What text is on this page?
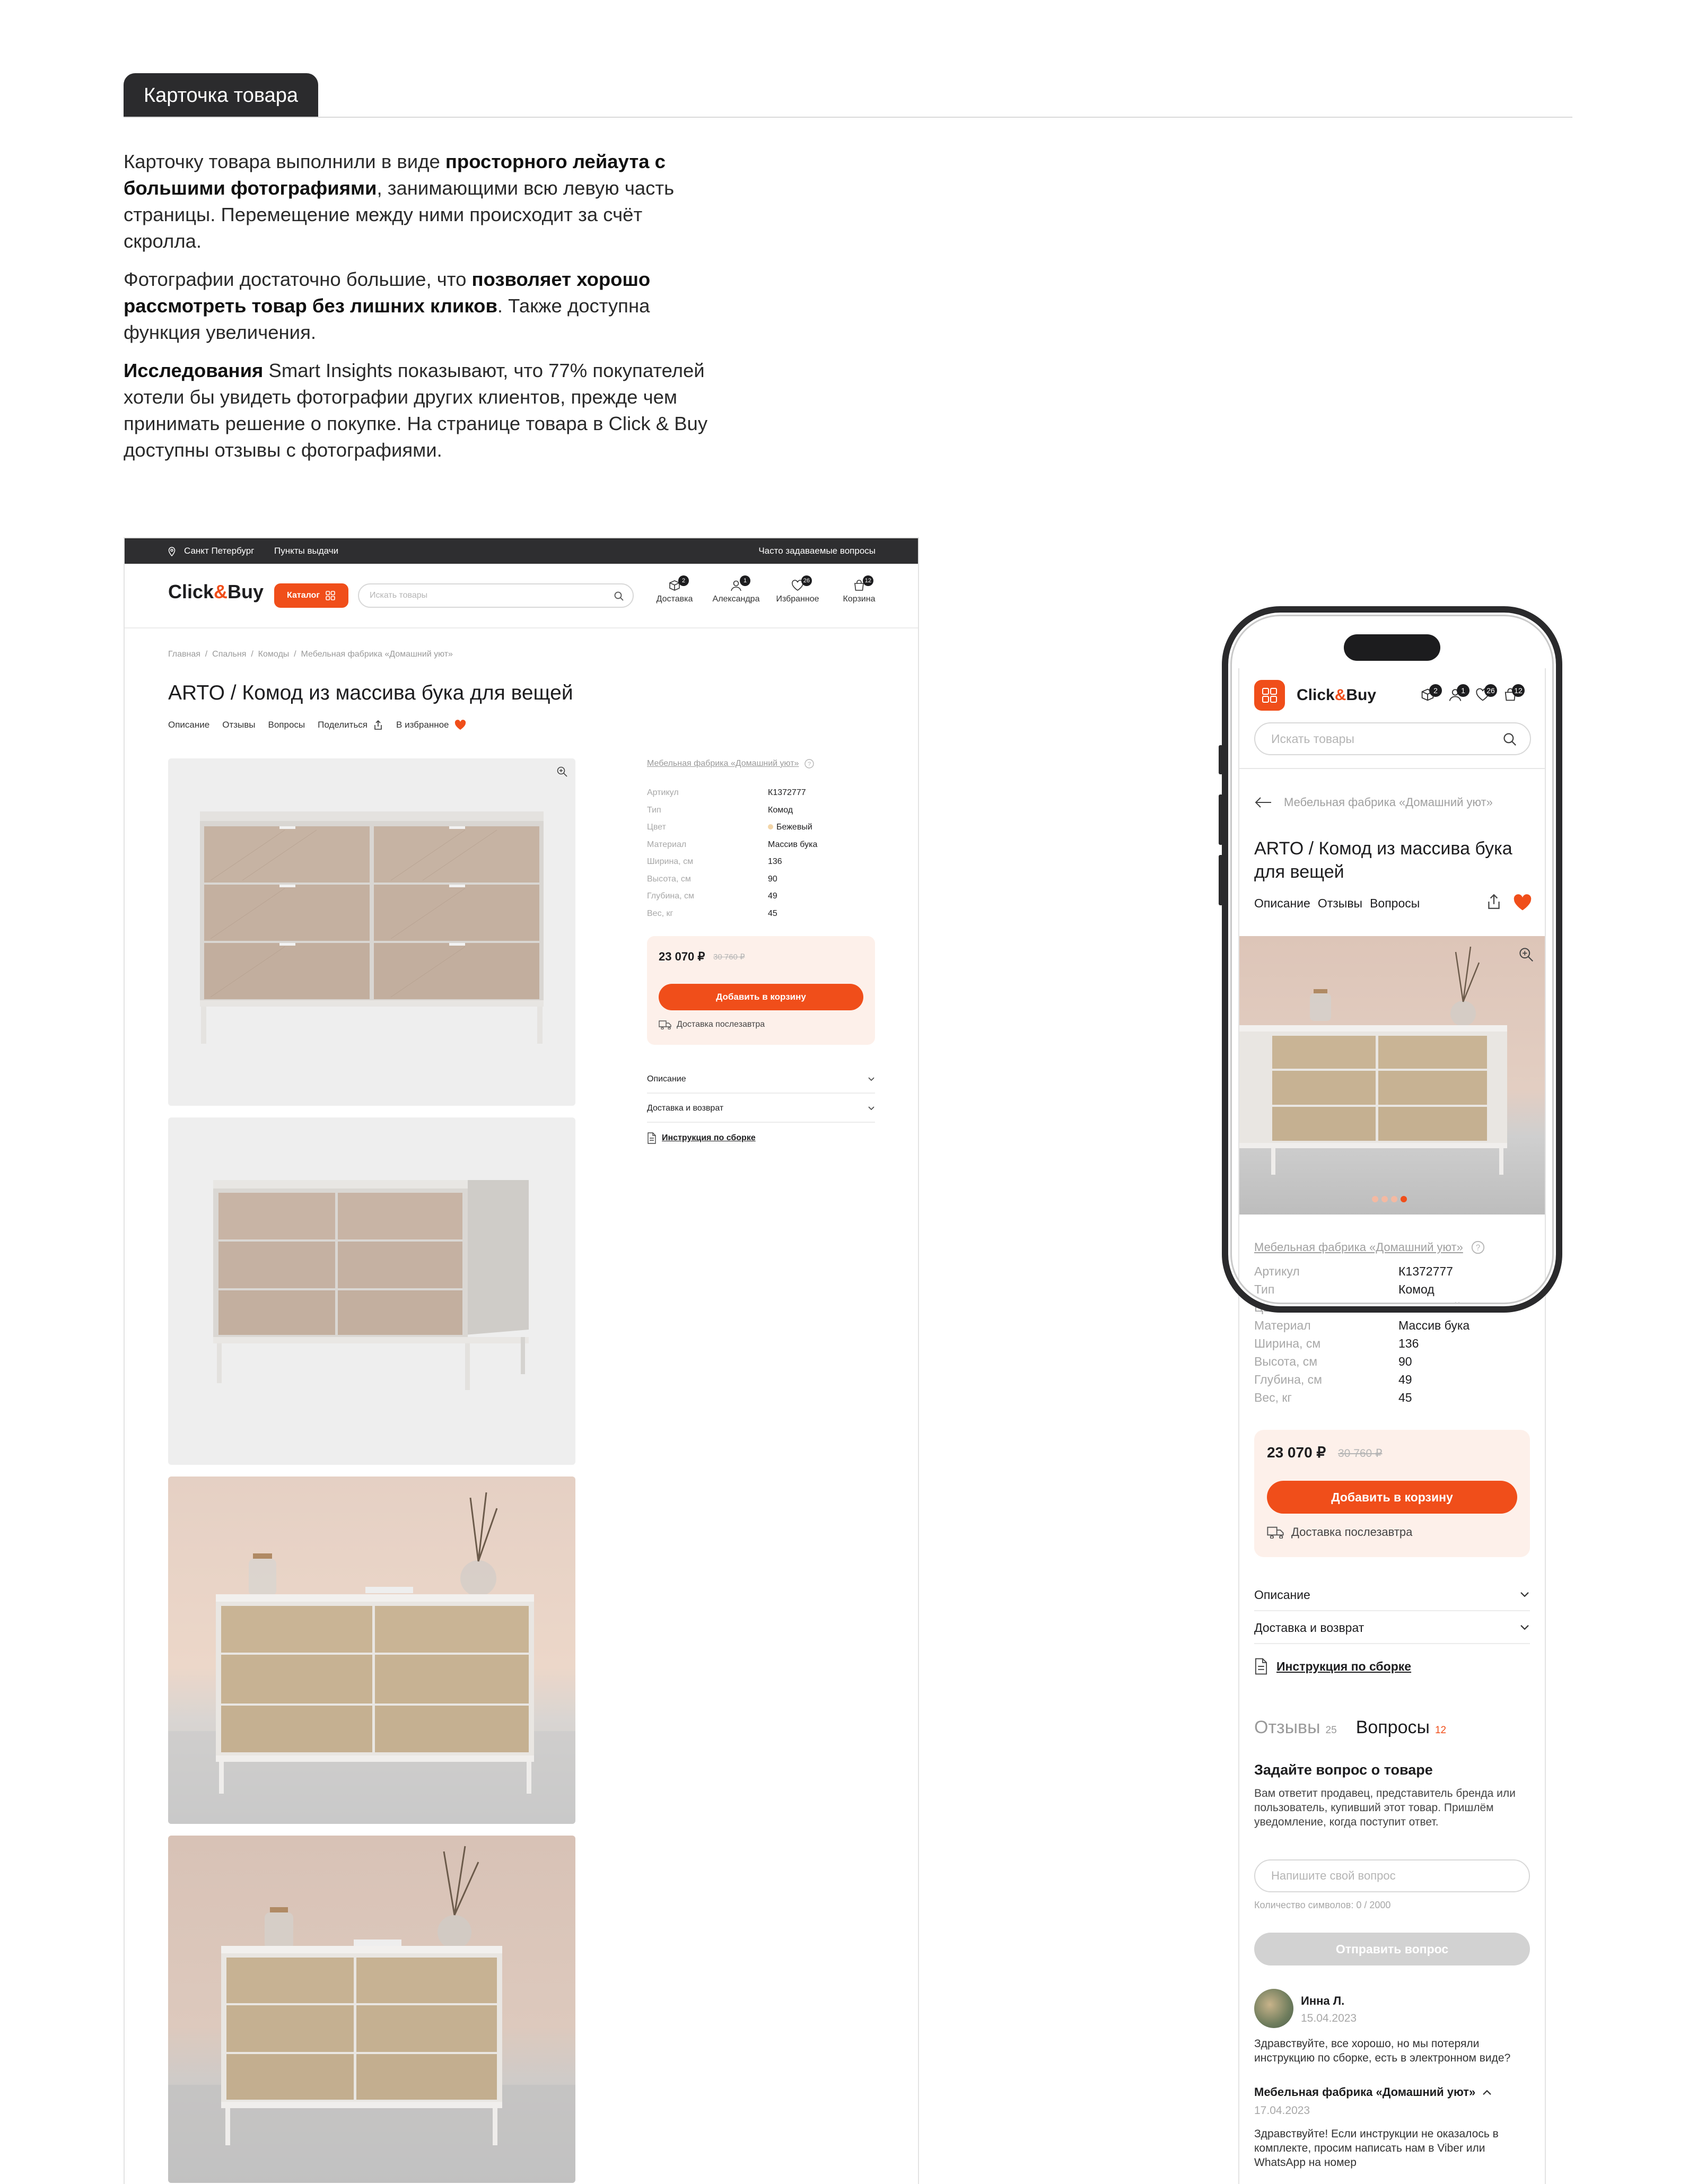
Карточка товара

Карточку товара выполнили в виде просторного лейаута с большими фотографиями, занимающими всю левую часть страницы. Перемещение между ними происходит за счёт скролла.

Фотографии достаточно большие, что позволяет хорошо рассмотреть товар без лишних кликов. Также доступна функция увеличения.

Исследования Smart Insights показывают, что 77% покупателей хотели бы увидеть фотографии других клиентов, прежде чем принимать решение о покупке. На странице товара в Click & Buy доступны отзывы с фотографиями.

Санкт Петербург Пункты выдачи	Часто задаваемые вопросы
Click&Buy	Каталог	Искать товары
2
Доставка
1
Александра
26
Избранное
12
Корзина
Главная  /  Спальня  /  Комоды  /  Мебельная фабрика «Домашний уют»
ARTO / Комод из массива бука для вещей
Описание Отзывы Вопросы Поделиться	В избранное
Мебельная фабрика «Домашний уют» ?
Артикул	К1372777
Тип	Комод
Цвет	Бежевый
Материал	Массив бука
Ширина, см	136
Высота, см	90
Глубина, см	49
Вес, кг	45
23 070 ₽ 30 760 ₽
Добавить в корзину
Доставка послезавтра
Описание
Доставка и возврат
Инструкция по сборке
Click&Buy	2	1	26	12
Искать товары
Мебельная фабрика «Домашний уют»
ARTO / Комод из массива бука для вещей
Описание Отзывы Вопросы
Мебельная фабрика «Домашний уют» ?
Артикул	К1372777
Тип	Комод
Цвет	Бежевый
Материал	Массив бука
Ширина, см	136
Высота, см	90
Глубина, см	49
Вес, кг	45
23 070 ₽ 30 760 ₽
Добавить в корзину
Доставка послезавтра
Описание
Доставка и возврат
Инструкция по сборке
Отзывы 25 Вопросы 12
Задайте вопрос о товаре
Вам ответит продавец, представитель бренда или пользователь, купивший этот товар. Пришлём уведомление, когда поступит ответ.
Напишите свой вопрос
Количество символов: 0 / 2000
Отправить вопрос
Инна Л.
15.04.2023
Здравствуйте, все хорошо, но мы потеряли инструкцию по сборке, есть в электронном виде?
Мебельная фабрика «Домашний уют»
17.04.2023
Здравствуйте! Если инструкции не оказалось в комплекте, просим написать нам в Viber или WhatsApp на номер
